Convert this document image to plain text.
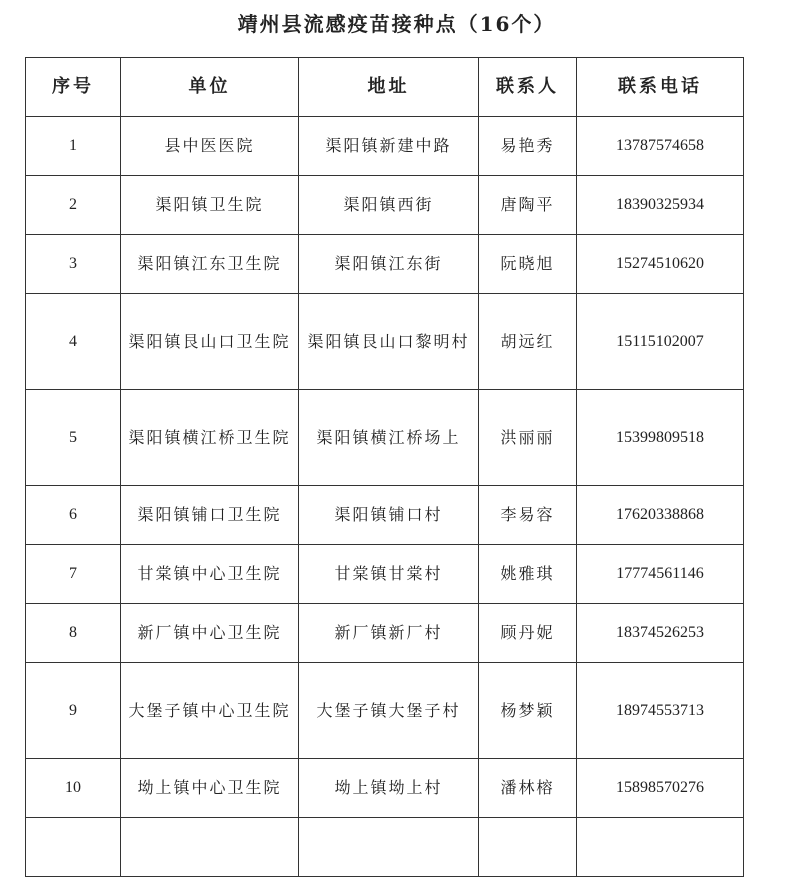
靖州县流感疫苗接种点（16个）
序号	单位	地址	联系人	联系电话
1	县中医医院	渠阳镇新建中路	易艳秀	13787574658
2	渠阳镇卫生院	渠阳镇西街	唐陶平	18390325934
3	渠阳镇江东卫生院	渠阳镇江东街	阮晓旭	15274510620
4	渠阳镇艮山口卫生院	渠阳镇艮山口黎明村	胡远红	15115102007
5	渠阳镇横江桥卫生院	渠阳镇横江桥场上	洪丽丽	15399809518
6	渠阳镇铺口卫生院	渠阳镇铺口村	李易容	17620338868
7	甘棠镇中心卫生院	甘棠镇甘棠村	姚雅琪	17774561146
8	新厂镇中心卫生院	新厂镇新厂村	顾丹妮	18374526253
9	大堡子镇中心卫生院	大堡子镇大堡子村	杨梦颖	18974553713
10	坳上镇中心卫生院	坳上镇坳上村	潘林榕	15898570276
